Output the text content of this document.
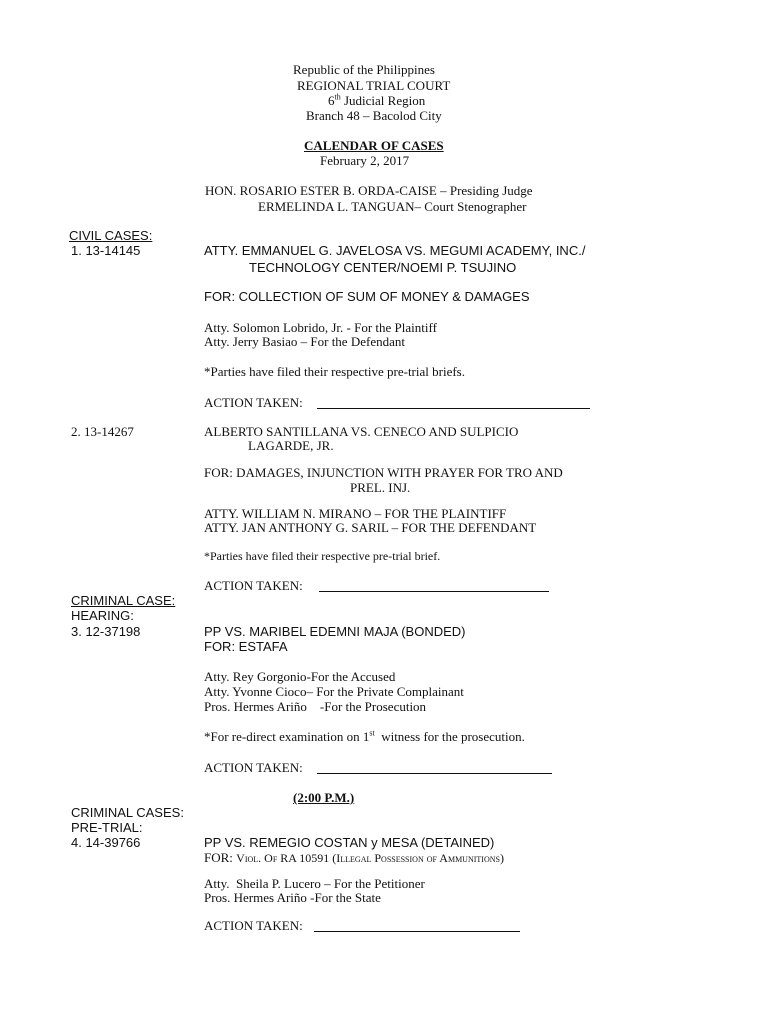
Republic of the Philippines
REGIONAL TRIAL COURT
6th Judicial Region
Branch 48 – Bacolod City
CALENDAR OF CASES
February 2, 2017
HON. ROSARIO ESTER B. ORDA-CAISE – Presiding Judge
ERMELINDA L. TANGUAN– Court Stenographer
CIVIL CASES:
1. 13-14145	ATTY. EMMANUEL G. JAVELOSA VS. MEGUMI ACADEMY, INC./
TECHNOLOGY CENTER/NOEMI P. TSUJINO
FOR: COLLECTION OF SUM OF MONEY & DAMAGES
Atty. Solomon Lobrido, Jr. - For the Plaintiff
Atty. Jerry Basiao – For the Defendant
*Parties have filed their respective pre-trial briefs.
ACTION TAKEN:
2. 13-14267	ALBERTO SANTILLANA VS. CENECO AND SULPICIO
LAGARDE, JR.
FOR: DAMAGES, INJUNCTION WITH PRAYER FOR TRO AND
PREL. INJ.
ATTY. WILLIAM N. MIRANO – FOR THE PLAINTIFF
ATTY. JAN ANTHONY G. SARIL – FOR THE DEFENDANT
*Parties have filed their respective pre-trial brief.
ACTION TAKEN:
CRIMINAL CASE:
HEARING:
3. 12-37198	PP VS. MARIBEL EDEMNI MAJA (BONDED)
FOR: ESTAFA
Atty. Rey Gorgonio-For the Accused
Atty. Yvonne Cioco– For the Private Complainant
Pros. Hermes Ariño    -For the Prosecution
*For re-direct examination on 1st  witness for the prosecution.
ACTION TAKEN:
(2:00 P.M.)
CRIMINAL CASES:
PRE-TRIAL:
4. 14-39766	PP VS. REMEGIO COSTAN y MESA (DETAINED)
FOR: Viol. Of RA 10591 (Illegal Possession of Ammunitions)
Atty.  Sheila P. Lucero – For the Petitioner
Pros. Hermes Ariño -For the State
ACTION TAKEN:
